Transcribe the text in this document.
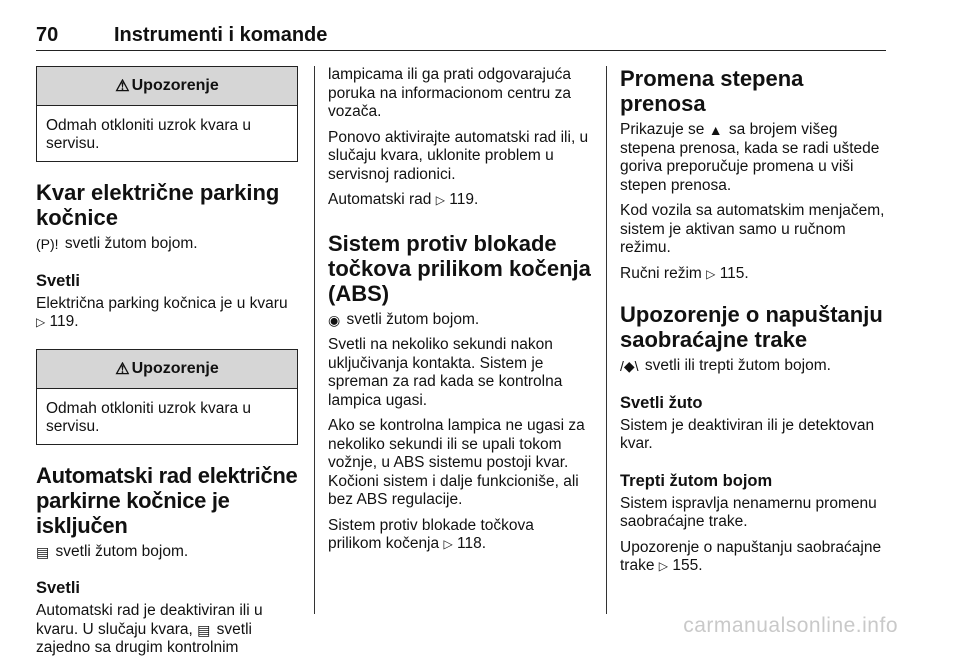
70	Instrumenti i komande
⚠ Upozorenje
Odmah otkloniti uzrok kvara u servisu.
Kvar električne parking kočnice

(P)! svetli žutom bojom.

Svetli

Električna parking kočnica je u kvaru
▷ 119.

⚠ Upozorenje
Odmah otkloniti uzrok kvara u servisu.
Automatski rad električne parkirne kočnice je isključen

▤ svetli žutom bojom.

Svetli

Automatski rad je deaktiviran ili u kvaru. U slučaju kvara, ▤ svetli zajedno sa drugim kontrolnim

lampicama ili ga prati odgovarajuća poruka na informacionom centru za vozača.

Ponovo aktivirajte automatski rad ili, u slučaju kvara, uklonite problem u servisnoj radionici.

Automatski rad ▷ 119.

Sistem protiv blokade točkova prilikom kočenja (ABS)

◉ svetli žutom bojom.

Svetli na nekoliko sekundi nakon uključivanja kontakta. Sistem je spreman za rad kada se kontrolna lampica ugasi.

Ako se kontrolna lampica ne ugasi za nekoliko sekundi ili se upali tokom vožnje, u ABS sistemu postoji kvar. Kočioni sistem i dalje funkcioniše, ali bez ABS regulacije.

Sistem protiv blokade točkova prilikom kočenja ▷ 118.

Promena stepena prenosa

Prikazuje se ▲ sa brojem višeg stepena prenosa, kada se radi uštede goriva preporučuje promena u viši stepen prenosa.

Kod vozila sa automatskim menjačem, sistem je aktivan samo u ručnom režimu.

Ručni režim ▷ 115.

Upozorenje o napuštanju saobraćajne trake

/◆\ svetli ili trepti žutom bojom.

Svetli žuto

Sistem je deaktiviran ili je detektovan kvar.

Trepti žutom bojom

Sistem ispravlja nenamernu promenu saobraćajne trake.

Upozorenje o napuštanju saobraćajne trake ▷ 155.

carmanualsonline.info
